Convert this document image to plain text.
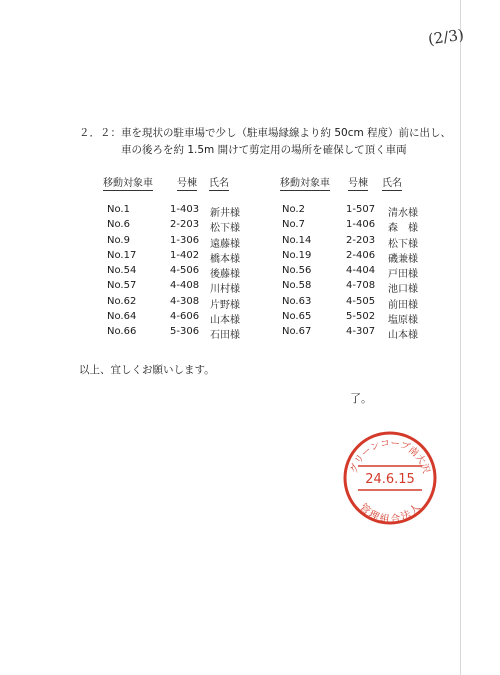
(2/3)
２．２：車を現状の駐車場で少し（駐車場縁線より約 50cm 程度）前に出し、
車の後ろを約 1.5m 開けて剪定用の場所を確保して頂く車両
移動対象車 号棟 氏名
No.1	1-403 新井様
No.6	2-203 松下様
No.9	1-306 遠藤様
No.17	1-402 橋本様
No.54	4-506 後藤様
No.57	4-408 川村様
No.62	4-308 片野様
No.64	4-606 山本様
No.66	5-306 石田様
移動対象車 号棟 氏名
No.2	1-507 清水様
No.7	1-406 森　様
No.14	2-203 松下様
No.19	2-406 磯兼様
No.56	4-404 戸田様
No.58	4-708 池口様
No.63	4-505 前田様
No.65	5-502 塩原様
No.67	4-307 山本様
以上、宜しくお願いします。
了。
グリーンコープ南大沢
24.6.15
管理組合法人
